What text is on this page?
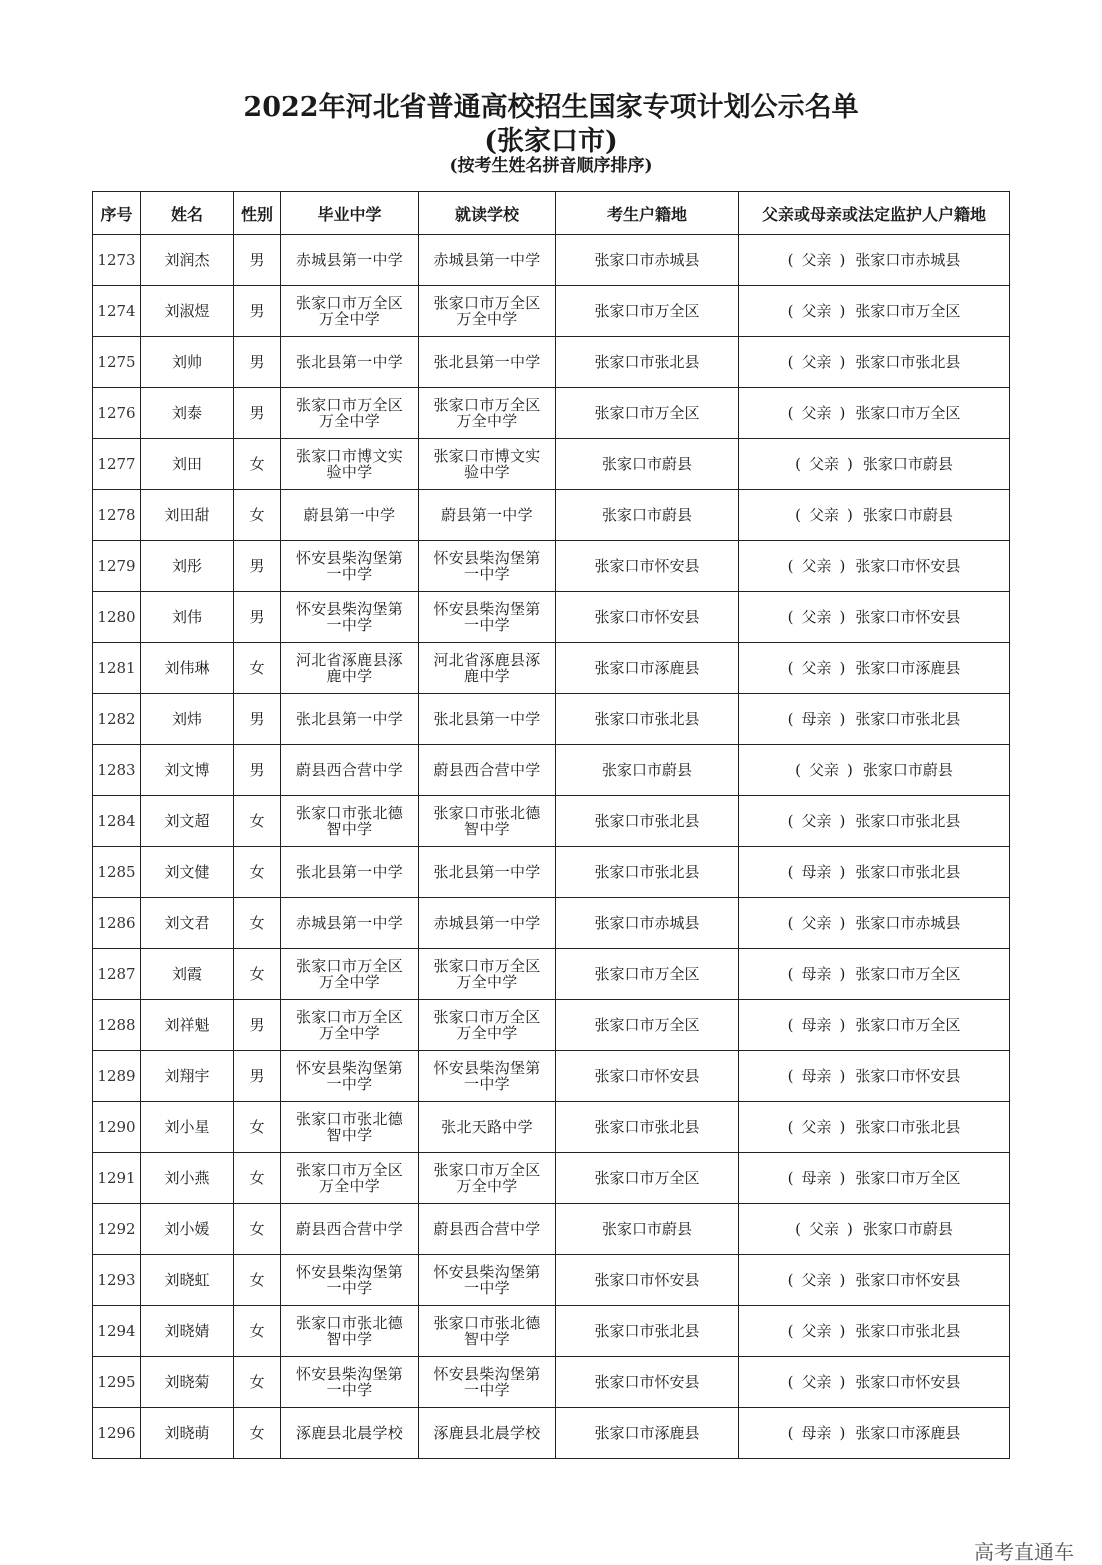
2022年河北省普通高校招生国家专项计划公示名单
(张家口市)
(按考生姓名拼音顺序排序)
序号	姓名	性别	毕业中学	就读学校	考生户籍地	父亲或母亲或法定监护人户籍地
1273	刘润杰	男	赤城县第一中学	赤城县第一中学	张家口市赤城县	( 父亲 ) 张家口市赤城县
1274	刘淑煜	男	张家口市万全区万全中学	张家口市万全区万全中学	张家口市万全区	( 父亲 ) 张家口市万全区
1275	刘帅	男	张北县第一中学	张北县第一中学	张家口市张北县	( 父亲 ) 张家口市张北县
1276	刘泰	男	张家口市万全区万全中学	张家口市万全区万全中学	张家口市万全区	( 父亲 ) 张家口市万全区
1277	刘田	女	张家口市博文实验中学	张家口市博文实验中学	张家口市蔚县	( 父亲 ) 张家口市蔚县
1278	刘田甜	女	蔚县第一中学	蔚县第一中学	张家口市蔚县	( 父亲 ) 张家口市蔚县
1279	刘彤	男	怀安县柴沟堡第一中学	怀安县柴沟堡第一中学	张家口市怀安县	( 父亲 ) 张家口市怀安县
1280	刘伟	男	怀安县柴沟堡第一中学	怀安县柴沟堡第一中学	张家口市怀安县	( 父亲 ) 张家口市怀安县
1281	刘伟琳	女	河北省涿鹿县涿鹿中学	河北省涿鹿县涿鹿中学	张家口市涿鹿县	( 父亲 ) 张家口市涿鹿县
1282	刘炜	男	张北县第一中学	张北县第一中学	张家口市张北县	( 母亲 ) 张家口市张北县
1283	刘文博	男	蔚县西合营中学	蔚县西合营中学	张家口市蔚县	( 父亲 ) 张家口市蔚县
1284	刘文超	女	张家口市张北德智中学	张家口市张北德智中学	张家口市张北县	( 父亲 ) 张家口市张北县
1285	刘文健	女	张北县第一中学	张北县第一中学	张家口市张北县	( 母亲 ) 张家口市张北县
1286	刘文君	女	赤城县第一中学	赤城县第一中学	张家口市赤城县	( 父亲 ) 张家口市赤城县
1287	刘霞	女	张家口市万全区万全中学	张家口市万全区万全中学	张家口市万全区	( 母亲 ) 张家口市万全区
1288	刘祥魁	男	张家口市万全区万全中学	张家口市万全区万全中学	张家口市万全区	( 母亲 ) 张家口市万全区
1289	刘翔宇	男	怀安县柴沟堡第一中学	怀安县柴沟堡第一中学	张家口市怀安县	( 母亲 ) 张家口市怀安县
1290	刘小星	女	张家口市张北德智中学	张北天路中学	张家口市张北县	( 父亲 ) 张家口市张北县
1291	刘小燕	女	张家口市万全区万全中学	张家口市万全区万全中学	张家口市万全区	( 母亲 ) 张家口市万全区
1292	刘小媛	女	蔚县西合营中学	蔚县西合营中学	张家口市蔚县	( 父亲 ) 张家口市蔚县
1293	刘晓虹	女	怀安县柴沟堡第一中学	怀安县柴沟堡第一中学	张家口市怀安县	( 父亲 ) 张家口市怀安县
1294	刘晓婧	女	张家口市张北德智中学	张家口市张北德智中学	张家口市张北县	( 父亲 ) 张家口市张北县
1295	刘晓菊	女	怀安县柴沟堡第一中学	怀安县柴沟堡第一中学	张家口市怀安县	( 父亲 ) 张家口市怀安县
1296	刘晓萌	女	涿鹿县北晨学校	涿鹿县北晨学校	张家口市涿鹿县	( 母亲 ) 张家口市涿鹿县
高考直通车
